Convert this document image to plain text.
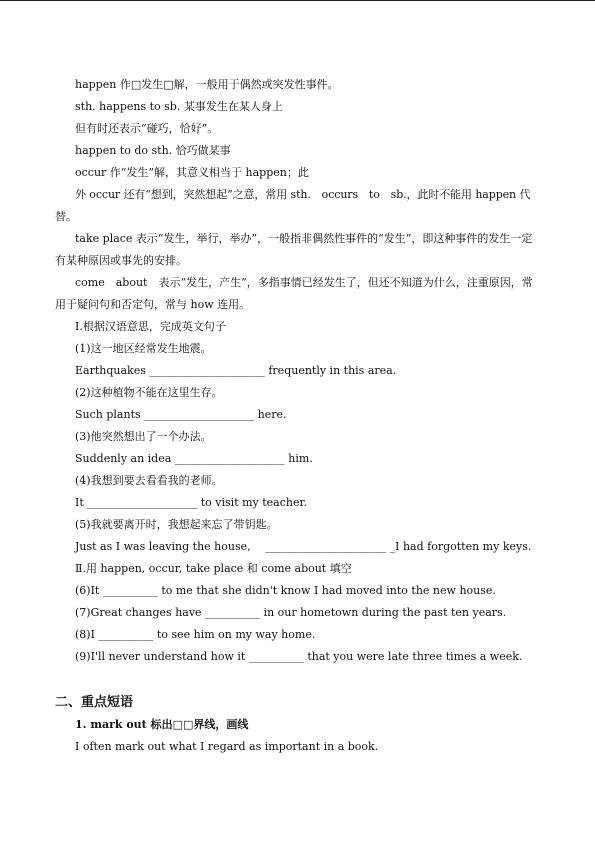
happen 作□发生□解，一般用于偶然或突发性事件。

sth. happens to sb. 某事发生在某人身上

但有时还表示“碰巧，恰好”。

happen to do sth. 恰巧做某事

occur 作“发生”解，其意义相当于 happen；此

外 occur 还有“想到，突然想起”之意，常用 sth.　occurs　to　sb.，此时不能用 happen 代替。

take place 表示“发生，举行，举办”，一般指非偶然性事件的“发生”，即这种事件的发生一定有某种原因或事先的安排。

come　about　表示“发生，产生”，多指事情已经发生了，但还不知道为什么，注重原因，常用于疑问句和否定句，常与 how 连用。

Ⅰ.根据汉语意思，完成英文句子

(1)这一地区经常发生地震。

Earthquakes _____________________ frequently in this area.

(2)这种植物不能在这里生存。

Such plants ____________________ here.

(3)他突然想出了一个办法。

Suddenly an idea ____________________ him.

(4)我想到要去看看我的老师。

It ____________________ to visit my teacher.

(5)我就要离开时，我想起来忘了带钥匙。

Just as I was leaving the house,　 ______________________ _I had forgotten my keys.

Ⅱ.用 happen, occur, take place 和 come about 填空

(6)It __________ to me that she didn't know I had moved into the new house.

(7)Great changes have __________ in our hometown during the past ten years.

(8)I __________ to see him on my way home.

(9)I'll never understand how it __________ that you were late three times a week.

二、重点短语

1. mark out 标出□□界线，画线

I often mark out what I regard as important in a book.
